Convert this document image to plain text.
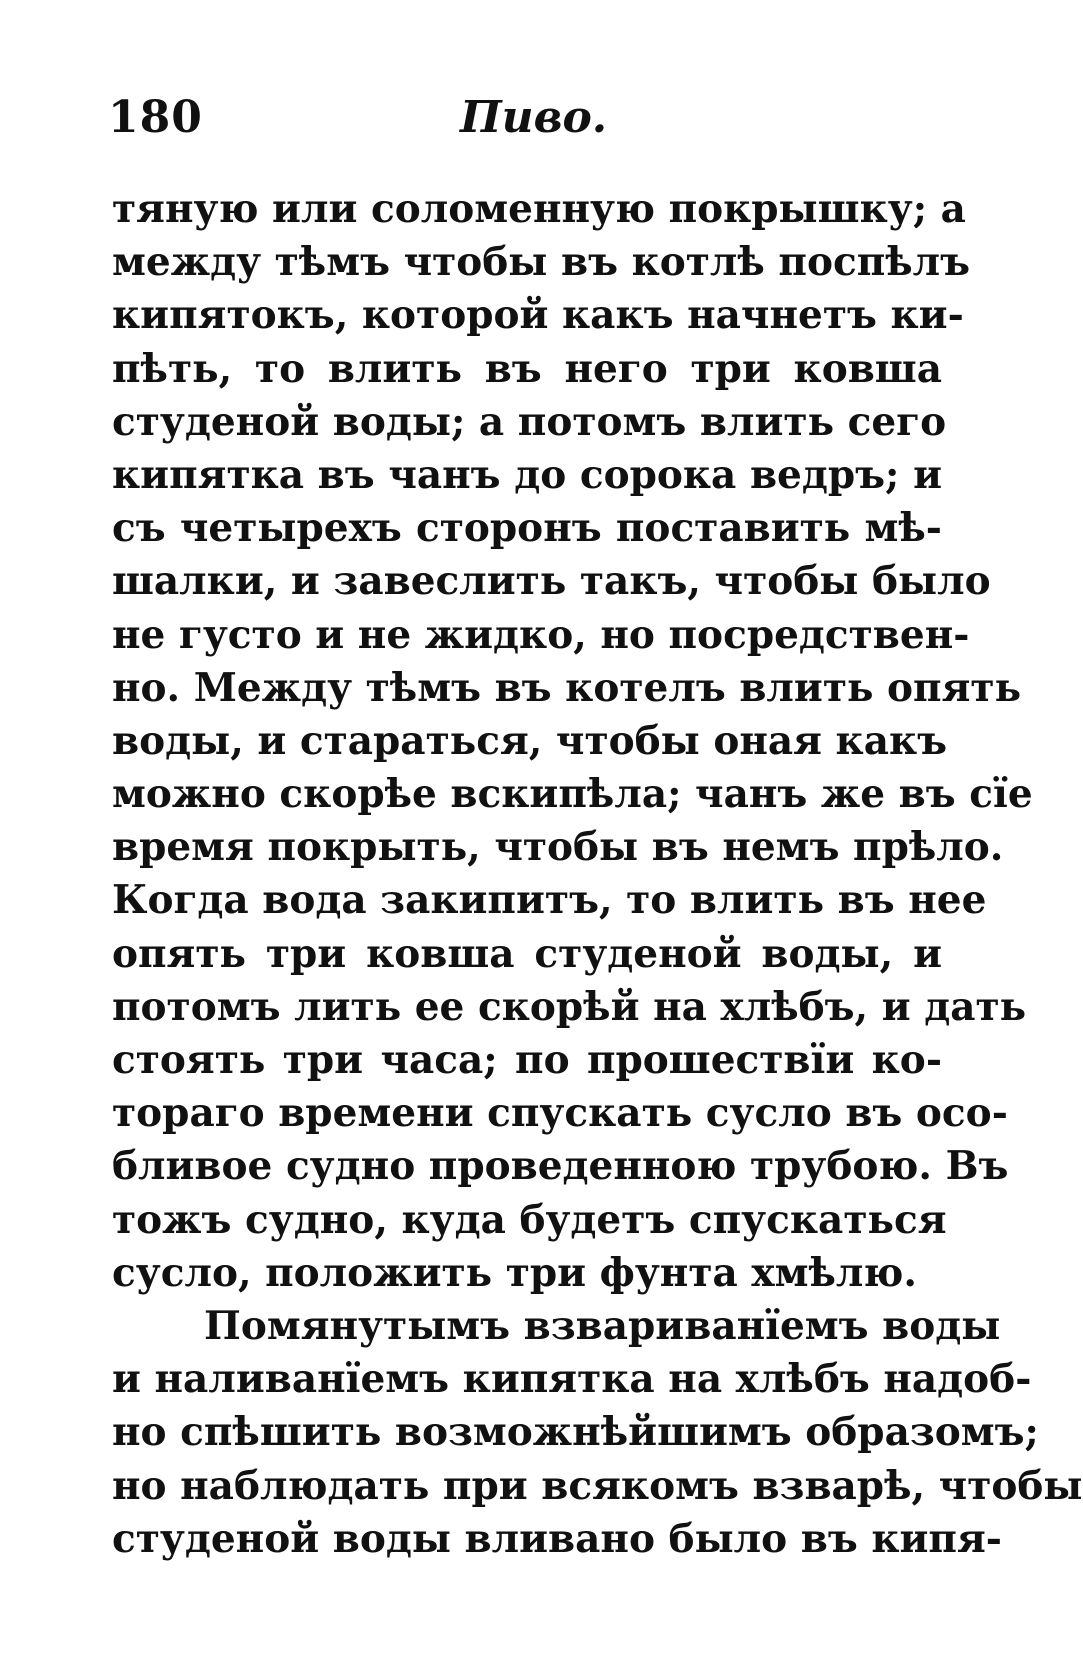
180	Пиво.
тяную или соломенную покрышку; а
между тѣмъ чтобы въ котлѣ поспѣлъ
кипятокъ, которой какъ начнетъ ки-
пѣть, то влить въ него три ковша
студеной воды; а потомъ влить сего
кипятка въ чанъ до сорока ведръ; и
съ четырехъ сторонъ поставить мѣ-
шалки, и завеслить такъ, чтобы было
не густо и не жидко, но посредствен-
но. Между тѣмъ въ котелъ влить опять
воды, и стараться, чтобы оная какъ
можно скорѣе вскипѣла; чанъ же въ сїе
время покрыть, чтобы въ немъ прѣло.
Когда вода закипитъ, то влить въ нее
опять три ковша студеной воды, и
потомъ лить ее скорѣй на хлѣбъ, и дать
стоять три часа; по прошествїи ко-
тораго времени спускать сусло въ осо-
бливое судно проведенною трубою. Въ
тожъ судно, куда будетъ спускаться
сусло, положить три фунта хмѣлю.
Помянутымъ взвариванїемъ воды
и наливанїемъ кипятка на хлѣбъ надоб-
но спѣшить возможнѣйшимъ образомъ;
но наблюдать при всякомъ взварѣ, чтобы
студеной воды вливано было въ кипя-
